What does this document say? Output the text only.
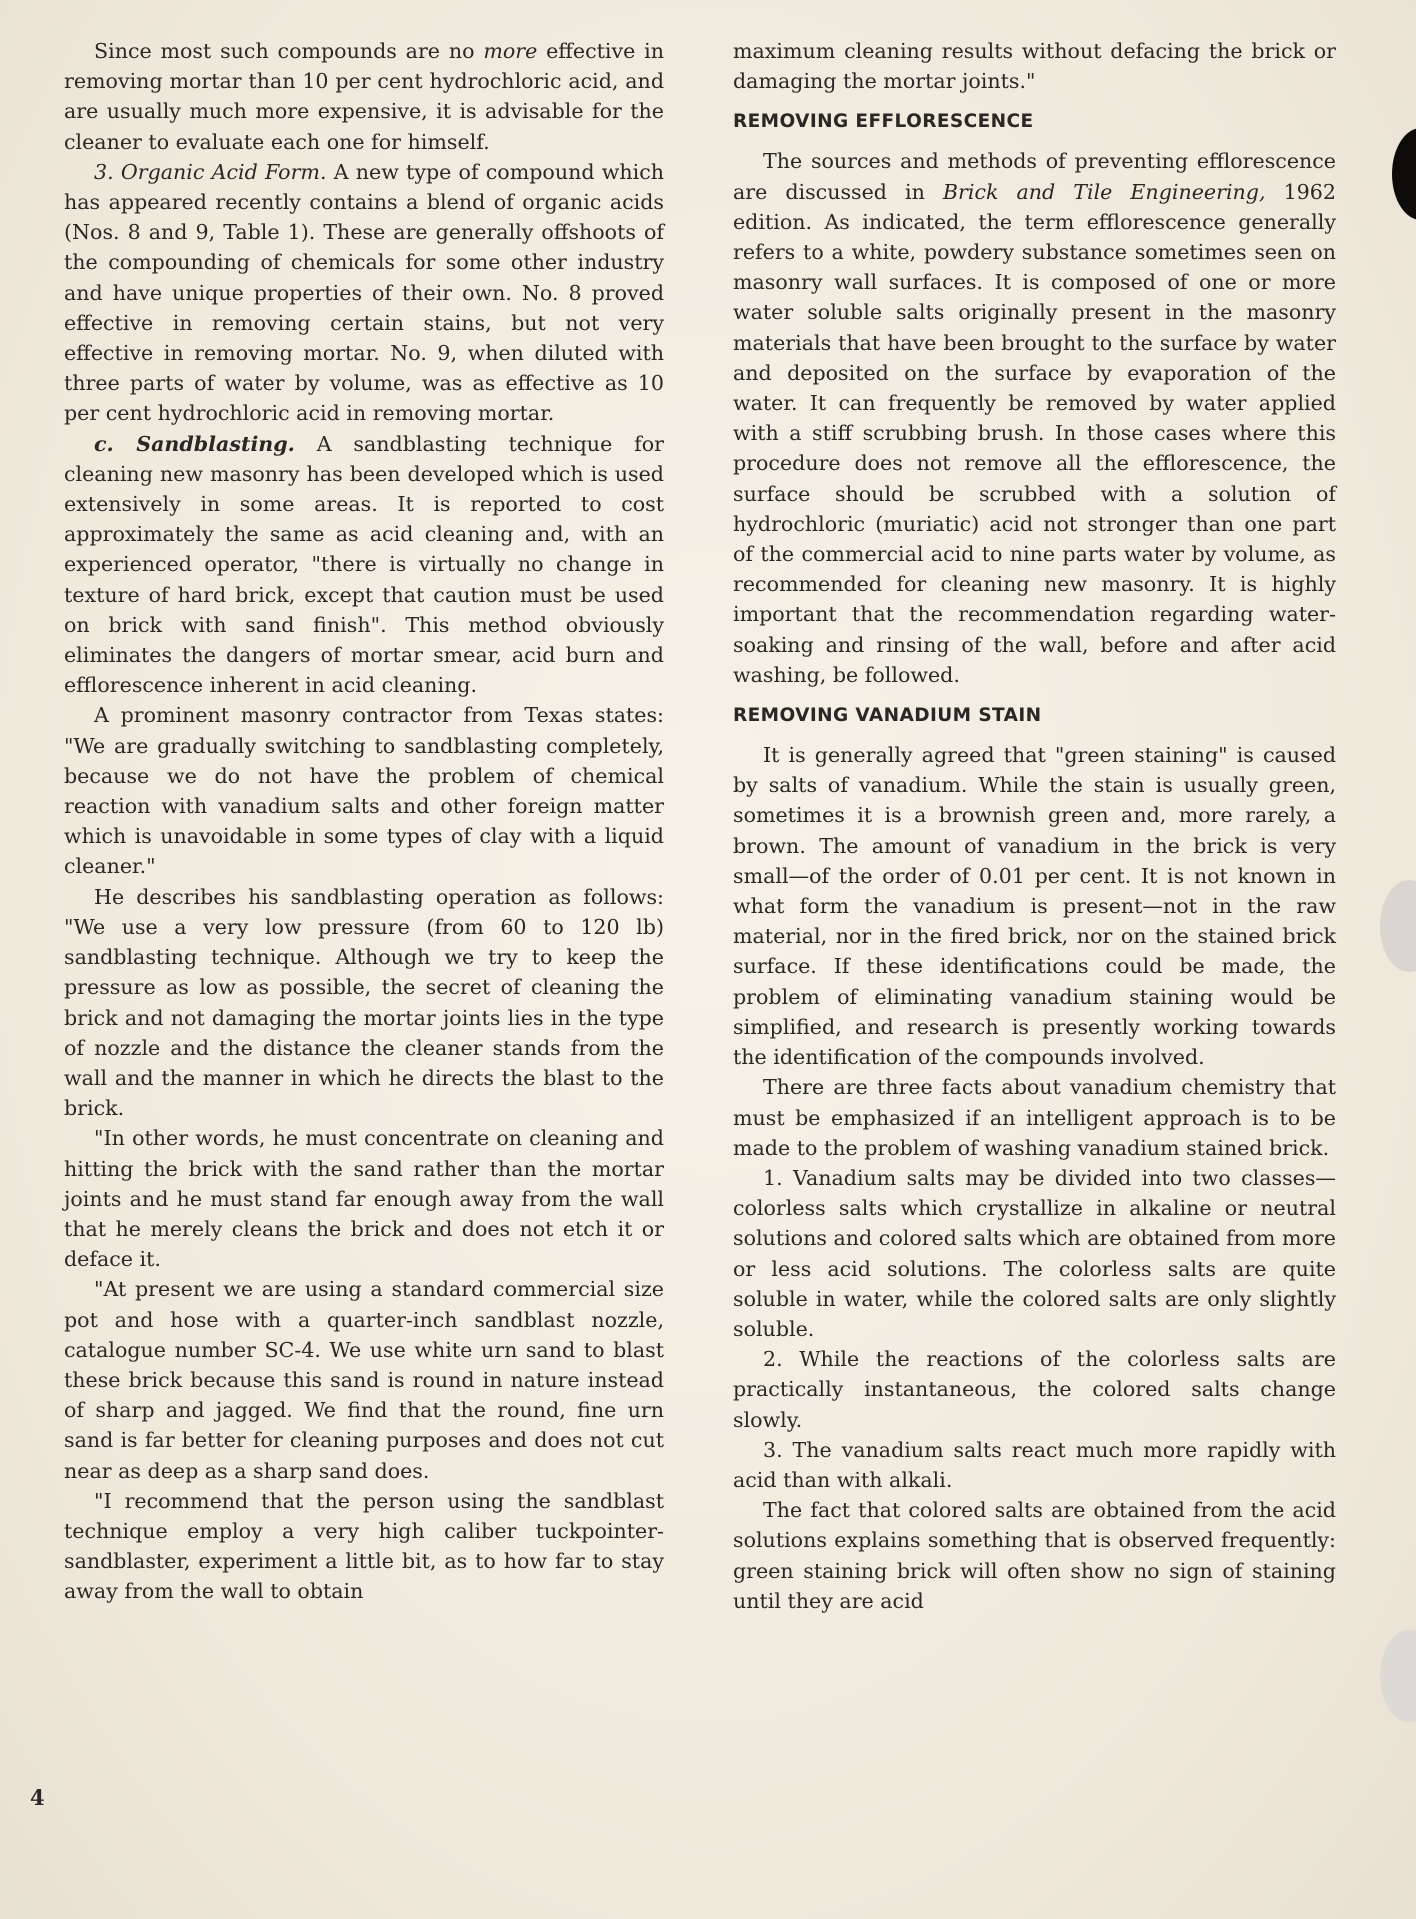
Since most such compounds are no more effective in removing mortar than 10 per cent hydrochloric acid, and are usually much more expensive, it is advisable for the cleaner to evaluate each one for himself.

3. Organic Acid Form. A new type of compound which has appeared recently contains a blend of organic acids (Nos. 8 and 9, Table 1). These are generally offshoots of the compounding of chemicals for some other industry and have unique properties of their own. No. 8 proved effective in removing certain stains, but not very effective in removing mortar. No. 9, when diluted with three parts of water by volume, was as effective as 10 per cent hydrochloric acid in removing mortar.

c. Sandblasting. A sandblasting technique for cleaning new masonry has been developed which is used extensively in some areas. It is reported to cost approximately the same as acid cleaning and, with an experienced operator, "there is virtually no change in texture of hard brick, except that caution must be used on brick with sand finish". This method obviously eliminates the dangers of mortar smear, acid burn and efflorescence inherent in acid cleaning.

A prominent masonry contractor from Texas states: "We are gradually switching to sandblasting completely, because we do not have the problem of chemical reaction with vanadium salts and other foreign matter which is unavoidable in some types of clay with a liquid cleaner."

He describes his sandblasting operation as follows: "We use a very low pressure (from 60 to 120 lb) sandblasting technique. Although we try to keep the pressure as low as possible, the secret of cleaning the brick and not damaging the mortar joints lies in the type of nozzle and the distance the cleaner stands from the wall and the manner in which he directs the blast to the brick.

"In other words, he must concentrate on cleaning and hitting the brick with the sand rather than the mortar joints and he must stand far enough away from the wall that he merely cleans the brick and does not etch it or deface it.

"At present we are using a standard commercial size pot and hose with a quarter-inch sandblast nozzle, catalogue number SC-4. We use white urn sand to blast these brick because this sand is round in nature instead of sharp and jagged. We find that the round, fine urn sand is far better for cleaning purposes and does not cut near as deep as a sharp sand does.

"I recommend that the person using the sandblast technique employ a very high caliber tuckpointer-sandblaster, experiment a little bit, as to how far to stay away from the wall to obtain

maximum cleaning results without defacing the brick or damaging the mortar joints."

REMOVING EFFLORESCENCE

The sources and methods of preventing efflorescence are discussed in Brick and Tile Engineering, 1962 edition. As indicated, the term efflorescence generally refers to a white, powdery substance sometimes seen on masonry wall surfaces. It is composed of one or more water soluble salts originally present in the masonry materials that have been brought to the surface by water and deposited on the surface by evaporation of the water. It can frequently be removed by water applied with a stiff scrubbing brush. In those cases where this procedure does not remove all the efflorescence, the surface should be scrubbed with a solution of hydrochloric (muriatic) acid not stronger than one part of the commercial acid to nine parts water by volume, as recommended for cleaning new masonry. It is highly important that the recommendation regarding water-soaking and rinsing of the wall, before and after acid washing, be followed.

REMOVING VANADIUM STAIN

It is generally agreed that "green staining" is caused by salts of vanadium. While the stain is usually green, sometimes it is a brownish green and, more rarely, a brown. The amount of vanadium in the brick is very small—of the order of 0.01 per cent. It is not known in what form the vanadium is present—not in the raw material, nor in the fired brick, nor on the stained brick surface. If these identifications could be made, the problem of eliminating vanadium staining would be simplified, and research is presently working towards the identification of the compounds involved.

There are three facts about vanadium chemistry that must be emphasized if an intelligent approach is to be made to the problem of washing vanadium stained brick.

1. Vanadium salts may be divided into two classes—colorless salts which crystallize in alkaline or neutral solutions and colored salts which are obtained from more or less acid solutions. The colorless salts are quite soluble in water, while the colored salts are only slightly soluble.

2. While the reactions of the colorless salts are practically instantaneous, the colored salts change slowly.

3. The vanadium salts react much more rapidly with acid than with alkali.

The fact that colored salts are obtained from the acid solutions explains something that is observed frequently: green staining brick will often show no sign of staining until they are acid

4
